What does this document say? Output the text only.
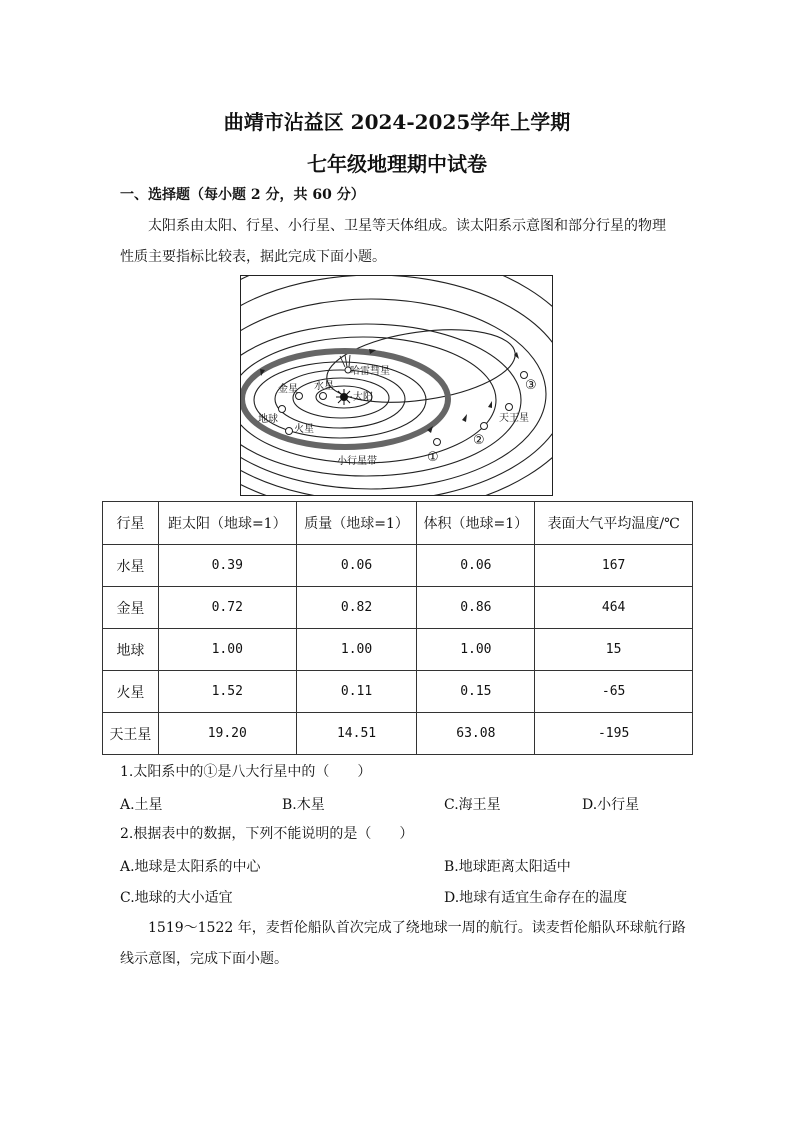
曲靖市沾益区 2024-2025学年上学期
七年级地理期中试卷
一、选择题（每小题 2 分，共 60 分）
太阳系由太阳、行星、小行星、卫星等天体组成。读太阳系示意图和部分行星的物理
性质主要指标比较表，据此完成下面小题。
太阳
水星
金星
地球
火星
哈雷彗星
天王星
小行星带	①
②
③
行星	距太阳（地球=1）	质量（地球=1）	体积（地球=1）	表面大气平均温度/℃
水星	0.39	0.06	0.06	167
金星	0.72	0.82	0.86	464
地球	1.00	1.00	1.00	15
火星	1.52	0.11	0.15	-65
天王星	19.20	14.51	63.08	-195
1.太阳系中的①是八大行星中的（　　）
A.土星	B.木星	C.海王星	D.小行星
2.根据表中的数据，下列不能说明的是（　　）
A.地球是太阳系的中心	B.地球距离太阳适中
C.地球的大小适宜	D.地球有适宜生命存在的温度
1519～1522 年，麦哲伦船队首次完成了绕地球一周的航行。读麦哲伦船队环球航行路
线示意图，完成下面小题。
